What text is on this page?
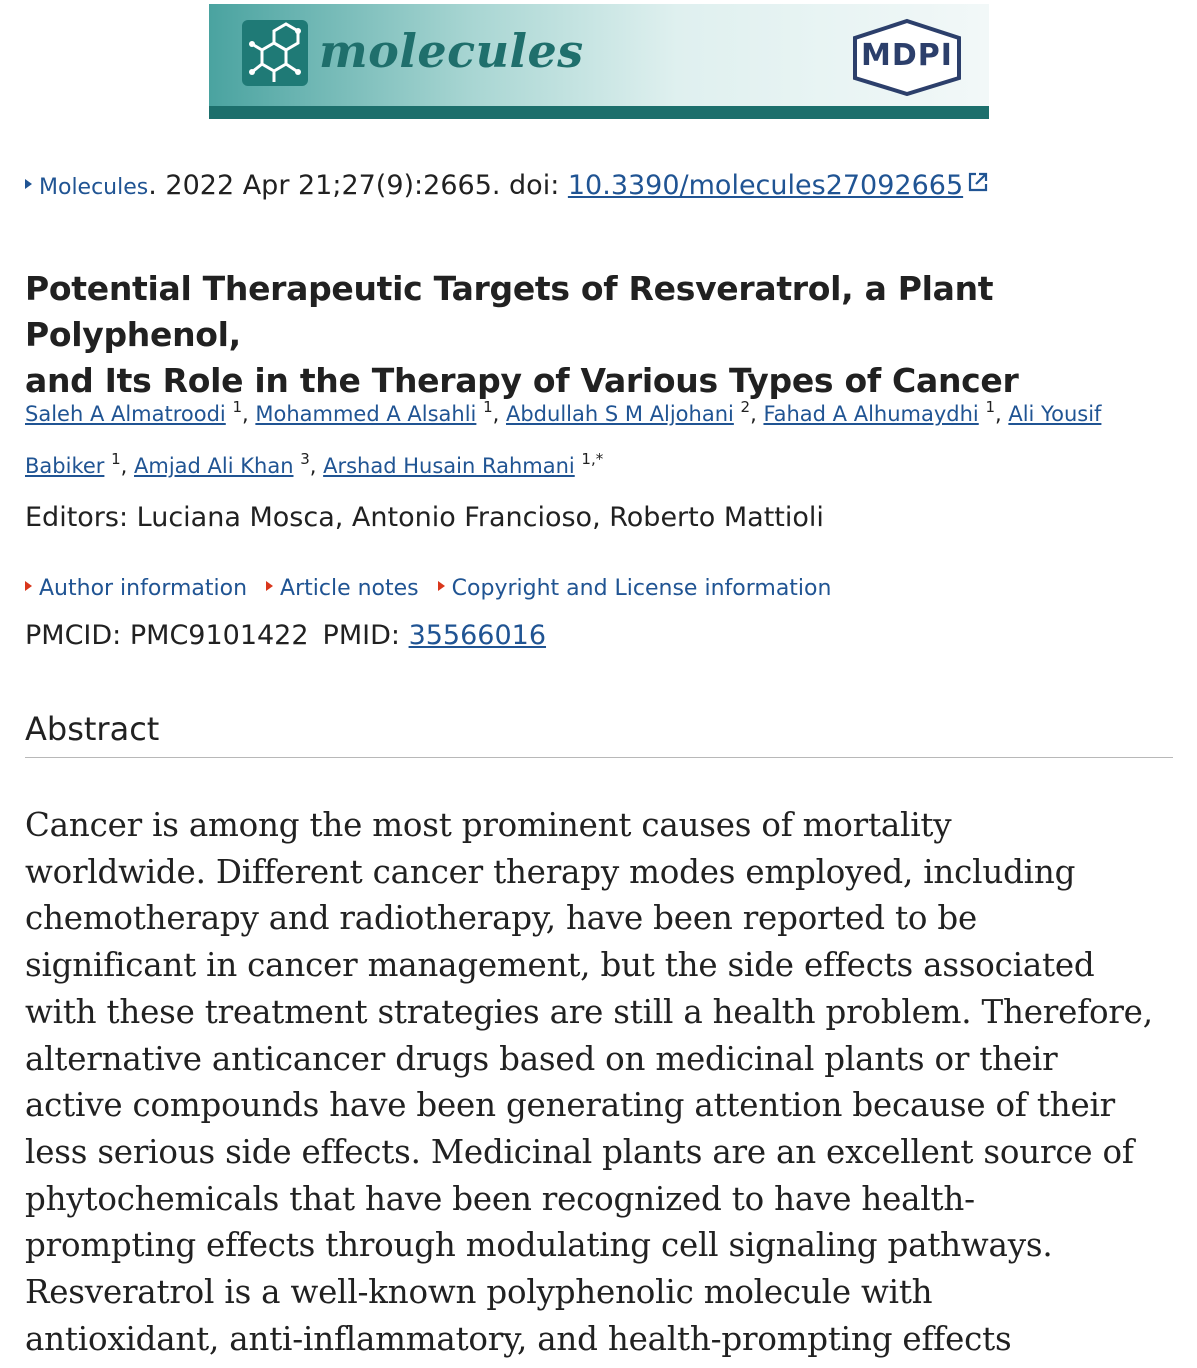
molecules	MDPI
Molecules. 2022 Apr 21;27(9):2665. doi: 10.3390/molecules27092665
Potential Therapeutic Targets of Resveratrol, a Plant Polyphenol,
and Its Role in the Therapy of Various Types of Cancer
Saleh A Almatroodi $^1$, Mohammed A Alsahli $^1$, Abdullah S M Aljohani $^2$, Fahad A Alhumaydhi $^1$, Ali Yousif
Babiker $^1$, Amjad Ali Khan $^3$, Arshad Husain Rahmani $^{1,*}$
Editors: Luciana Mosca, Antonio Francioso, Roberto Mattioli
Author information Article notes Copyright and License information
PMCID: PMC9101422 PMID: 35566016
Abstract

Cancer is among the most prominent causes of mortality
worldwide. Different cancer therapy modes employed, including
chemotherapy and radiotherapy, have been reported to be
significant in cancer management, but the side effects associated
with these treatment strategies are still a health problem. Therefore,
alternative anticancer drugs based on medicinal plants or their
active compounds have been generating attention because of their
less serious side effects. Medicinal plants are an excellent source of
phytochemicals that have been recognized to have health-
prompting effects through modulating cell signaling pathways.
Resveratrol is a well-known polyphenolic molecule with
antioxidant, anti-inflammatory, and health-prompting effects
